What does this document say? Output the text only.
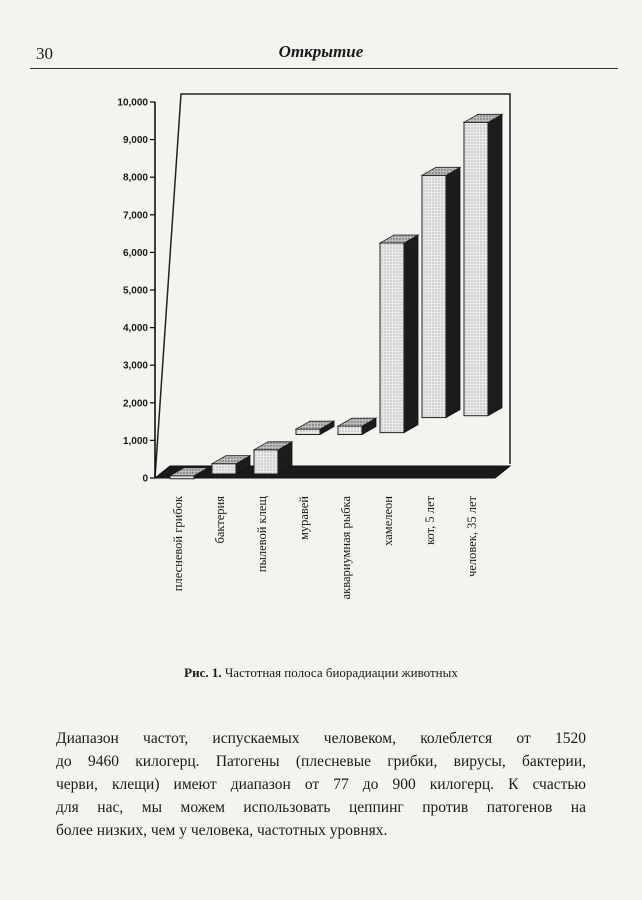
30	Открытие
0
1,000
2,000
3,000
4,000
5,000
6,000
7,000
8,000
9,000
10,000
плесневой грибок бактерия пылевой клещ муравей аквариумная рыбка хамелеон кот, 5 лет человек, 35 лет
Рис. 1. Частотная полоса биорадиации животных
Диапазон частот, испускаемых человеком, колеблется от 1520
до 9460 килогерц. Патогены (плесневые грибки, вирусы, бактерии,
черви, клещи) имеют диапазон от 77 до 900 килогерц. К счастью
для нас, мы можем использовать цеппинг против патогенов на
более низких, чем у человека, частотных уровнях.
